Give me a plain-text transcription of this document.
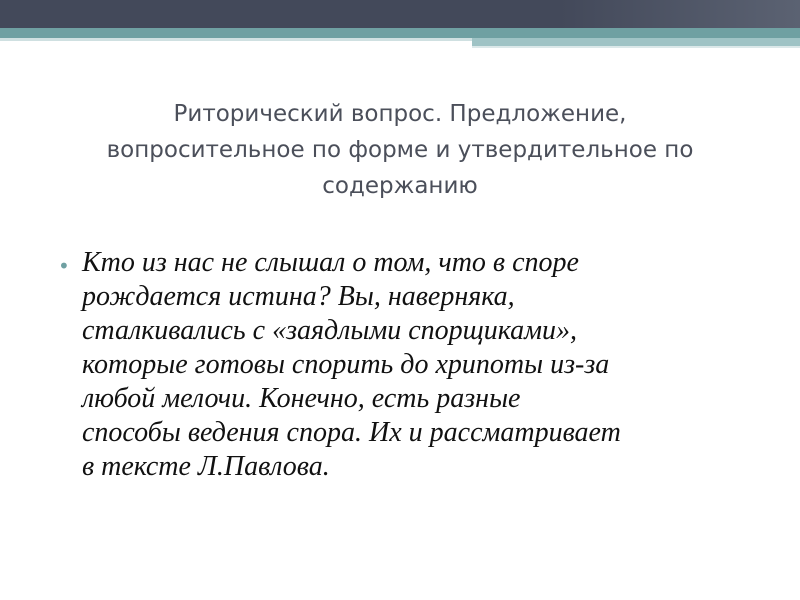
Риторический вопрос. Предложение,
вопросительное по форме и утвердительное по
содержанию
• Кто из нас не слышал о том, что в споре
рождается истина? Вы, наверняка,
сталкивались с «заядлыми спорщиками»,
которые готовы спорить до хрипоты из-за
любой мелочи. Конечно, есть разные
способы ведения спора. Их и рассматривает
в тексте Л.Павлова.
